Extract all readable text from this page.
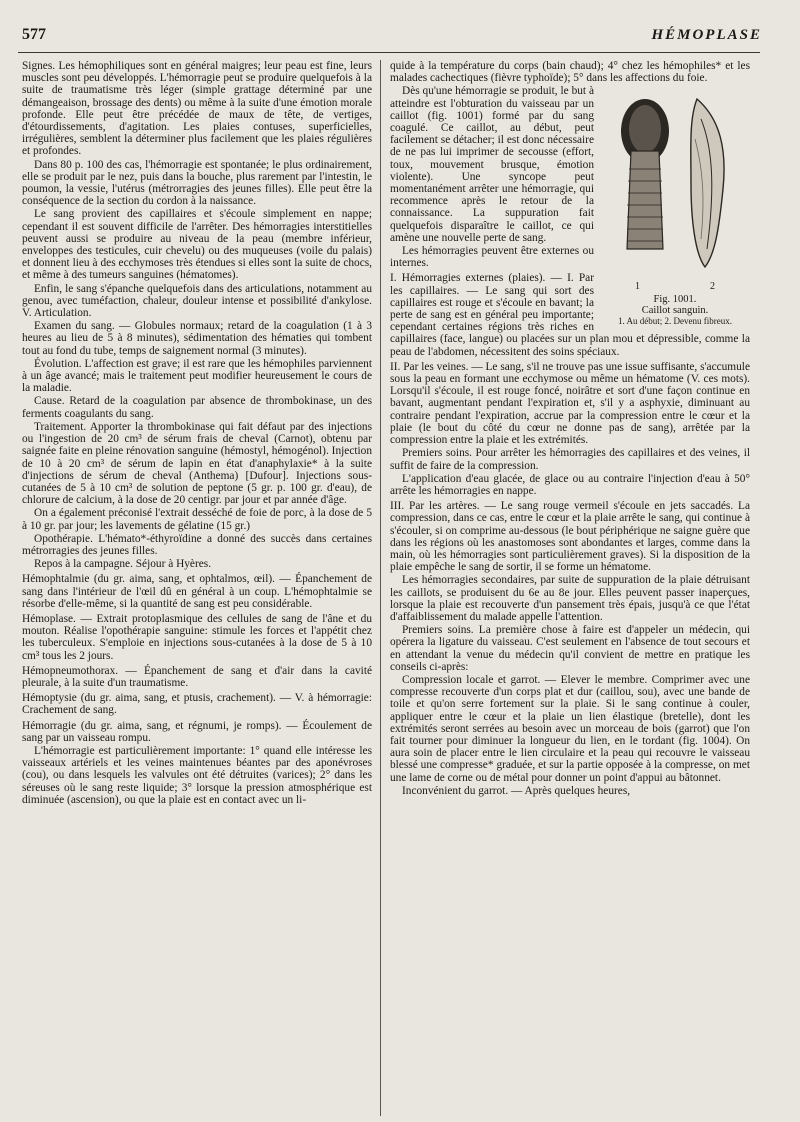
577	HÉMOPLASE

Signes. Les hémophiliques sont en général maigres; leur peau est fine, leurs muscles sont peu développés. L'hémorragie peut se produire quelquefois à la suite de traumatisme très léger (simple grattage déterminé par une démangeaison, brossage des dents) ou même à la suite d'une émotion morale profonde. Elle peut être précédée de maux de tête, de vertiges, d'étourdissements, d'agitation. Les plaies contuses, superficielles, irrégulières, semblent la déterminer plus facilement que les plaies régulières et profondes.

Dans 80 p. 100 des cas, l'hémorragie est spontanée; le plus ordinairement, elle se produit par le nez, puis dans la bouche, plus rarement par l'intestin, le poumon, la vessie, l'utérus (métrorragies des jeunes filles). Elle peut être la conséquence de la section du cordon à la naissance.

Le sang provient des capillaires et s'écoule simplement en nappe; cependant il est souvent difficile de l'arrêter. Des hémorragies interstitielles peuvent aussi se produire au niveau de la peau (membre inférieur, enveloppes des testicules, cuir chevelu) ou des muqueuses (voile du palais) et donnent lieu à des ecchymoses très étendues si elles sont la suite de chocs, et même à des tumeurs sanguines (hématomes).

Enfin, le sang s'épanche quelquefois dans des articulations, notamment au genou, avec tuméfaction, chaleur, douleur intense et possibilité d'ankylose. V. Articulation.

Examen du sang. — Globules normaux; retard de la coagulation (1 à 3 heures au lieu de 5 à 8 minutes), sédimentation des hématies qui tombent tout au fond du tube, temps de saignement normal (3 minutes).

Évolution. L'affection est grave; il est rare que les hémophiles parviennent à un âge avancé; mais le traitement peut modifier heureusement le cours de la maladie.

Cause. Retard de la coagulation par absence de thrombokinase, un des ferments coagulants du sang.

Traitement. Apporter la thrombokinase qui fait défaut par des injections ou l'ingestion de 20 cm³ de sérum frais de cheval (Carnot), obtenu par saignée faite en pleine rénovation sanguine (hémostyl, hémogénol). Injection de 10 à 20 cm³ de sérum de lapin en état d'anaphylaxie* à la suite d'injections de sérum de cheval (Anthema) [Dufour]. Injections sous-cutanées de 5 à 10 cm³ de solution de peptone (5 gr. p. 100 gr. d'eau), de chlorure de calcium, à la dose de 20 centigr. par jour et par année d'âge.

On a également préconisé l'extrait desséché de foie de porc, à la dose de 5 à 10 gr. par jour; les lavements de gélatine (15 gr.)

Opothérapie. L'hémato*-éthyroïdine a donné des succès dans certaines métrorragies des jeunes filles.

Repos à la campagne. Séjour à Hyères.

Hémophtalmie (du gr. aima, sang, et ophtalmos, œil). — Épanchement de sang dans l'intérieur de l'œil dû en général à un coup. L'hémophtalmie se résorbe d'elle-même, si la quantité de sang est peu considérable.

Hémoplase. — Extrait protoplasmique des cellules de sang de l'âne et du mouton. Réalise l'opothérapie sanguine: stimule les forces et l'appétit chez les tuberculeux. S'emploie en injections sous-cutanées à la dose de 5 à 10 cm³ tous les 2 jours.

Hémopneumothorax. — Épanchement de sang et d'air dans la cavité pleurale, à la suite d'un traumatisme.

Hémoptysie (du gr. aima, sang, et ptusis, crachement). — V. à hémorragie: Crachement de sang.

Hémorragie (du gr. aima, sang, et régnumi, je romps). — Écoulement de sang par un vaisseau rompu.

L'hémorragie est particulièrement importante: 1° quand elle intéresse les vaisseaux artériels et les veines maintenues béantes par des aponévroses (cou), ou dans lesquels les valvules ont été détruites (varices); 2° dans les séreuses où le sang reste liquide; 3° lorsque la pression atmosphérique est diminuée (ascension), ou que la plaie est en contact avec un li-

quide à la température du corps (bain chaud); 4° chez les hémophiles* et les malades cachectiques (fièvre typhoïde); 5° dans les affections du foie.

1	2
Fig. 1001.
Caillot sanguin.
1. Au début; 2. Devenu fibreux.

Dès qu'une hémorragie se produit, le but à atteindre est l'obturation du vaisseau par un caillot (fig. 1001) formé par du sang coagulé. Ce caillot, au début, peut facilement se détacher; il est donc nécessaire de ne pas lui imprimer de secousse (effort, toux, mouvement brusque, émotion violente). Une syncope peut momentanément arrêter une hémorragie, qui recommence après le retour de la connaissance. La suppuration fait quelquefois disparaître le caillot, ce qui amène une nouvelle perte de sang.

Les hémorragies peuvent être externes ou internes.

I. Hémorragies externes (plaies). — I. Par les capillaires. — Le sang qui sort des capillaires est rouge et s'écoule en bavant; la perte de sang est en général peu importante; cependant certaines régions très riches en capillaires (face, langue) ou placées sur un plan mou et dépressible, comme la peau de l'abdomen, nécessitent des soins spéciaux.

II. Par les veines. — Le sang, s'il ne trouve pas une issue suffisante, s'accumule sous la peau en formant une ecchymose ou même un hématome (V. ces mots). Lorsqu'il s'écoule, il est rouge foncé, noirâtre et sort d'une façon continue en bavant, augmentant pendant l'expiration et, s'il y a asphyxie, diminuant au contraire pendant l'expiration, accrue par la compression entre le cœur et la plaie (le bout du côté du cœur ne donne pas de sang), arrêtée par la compression entre la plaie et les extrémités.

Premiers soins. Pour arrêter les hémorragies des capillaires et des veines, il suffit de faire de la compression.

L'application d'eau glacée, de glace ou au contraire l'injection d'eau à 50° arrête les hémorragies en nappe.

III. Par les artères. — Le sang rouge vermeil s'écoule en jets saccadés. La compression, dans ce cas, entre le cœur et la plaie arrête le sang, qui continue à s'écouler, si on comprime au-dessous (le bout périphérique ne saigne guère que dans les régions où les anastomoses sont abondantes et larges, comme dans la main, où les hémorragies sont particulièrement graves). Si la disposition de la plaie empêche le sang de sortir, il se forme un hématome.

Les hémorragies secondaires, par suite de suppuration de la plaie détruisant les caillots, se produisent du 6e au 8e jour. Elles peuvent passer inaperçues, lorsque la plaie est recouverte d'un pansement très épais, jusqu'à ce que l'état d'affaiblissement du malade appelle l'attention.

Premiers soins. La première chose à faire est d'appeler un médecin, qui opérera la ligature du vaisseau. C'est seulement en l'absence de tout secours et en attendant la venue du médecin qu'il convient de mettre en pratique les conseils ci-après:

Compression locale et garrot. — Elever le membre. Comprimer avec une compresse recouverte d'un corps plat et dur (caillou, sou), avec une bande de toile et qu'on serre fortement sur la plaie. Si le sang continue à couler, appliquer entre le cœur et la plaie un lien élastique (bretelle), dont les extrémités seront serrées au besoin avec un morceau de bois (garrot) que l'on fait tourner pour diminuer la longueur du lien, en le tordant (fig. 1004). On aura soin de placer entre le lien circulaire et la peau qui recouvre le vaisseau blessé une compresse* graduée, et sur la partie opposée à la compresse, on met une lame de corne ou de métal pour donner un point d'appui au bâtonnet.

Inconvénient du garrot. — Après quelques heures,
